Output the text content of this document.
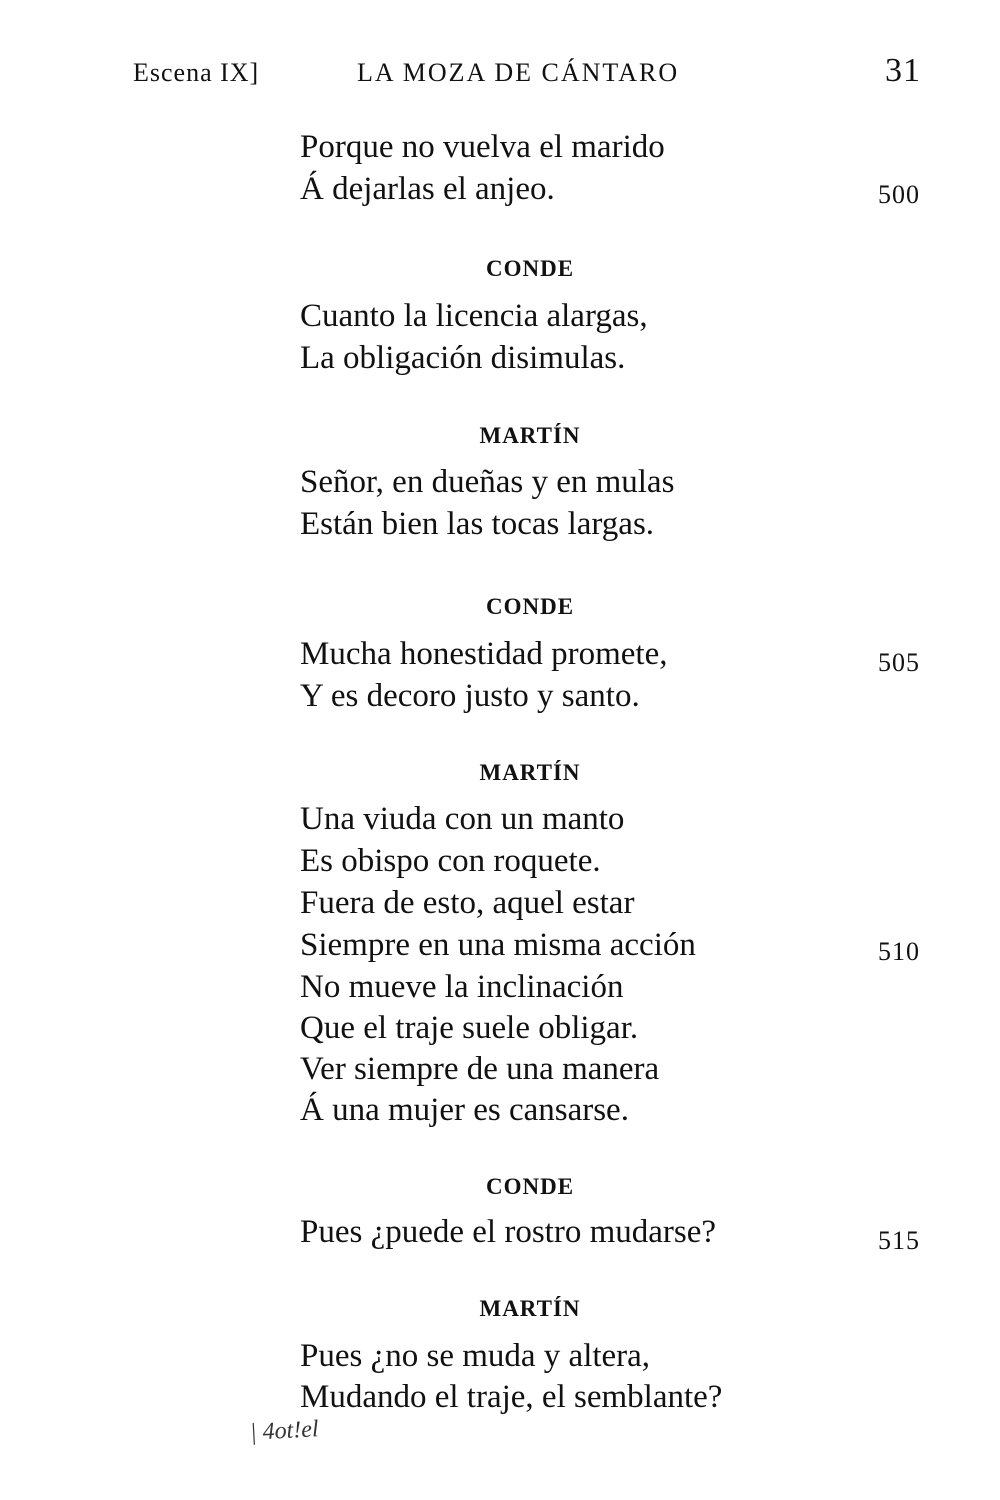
Escena IX]	LA MOZA DE CÁNTARO	31
Porque no vuelva el marido
Á dejarlas el anjeo.	500
CONDE
Cuanto la licencia alargas,
La obligación disimulas.
MARTÍN
Señor, en dueñas y en mulas
Están bien las tocas largas.
CONDE
Mucha honestidad promete,
Y es decoro justo y santo.
505
MARTÍN
Una viuda con un manto
Es obispo con roquete.
Fuera de esto, aquel estar
Siempre en una misma acción
No mueve la inclinación
Que el traje suele obligar.
Ver siempre de una manera
Á una mujer es cansarse.
510
CONDE
Pues ¿puede el rostro mudarse?	515
MARTÍN
Pues ¿no se muda y altera,
Mudando el traje, el semblante?
| 4ot!el
